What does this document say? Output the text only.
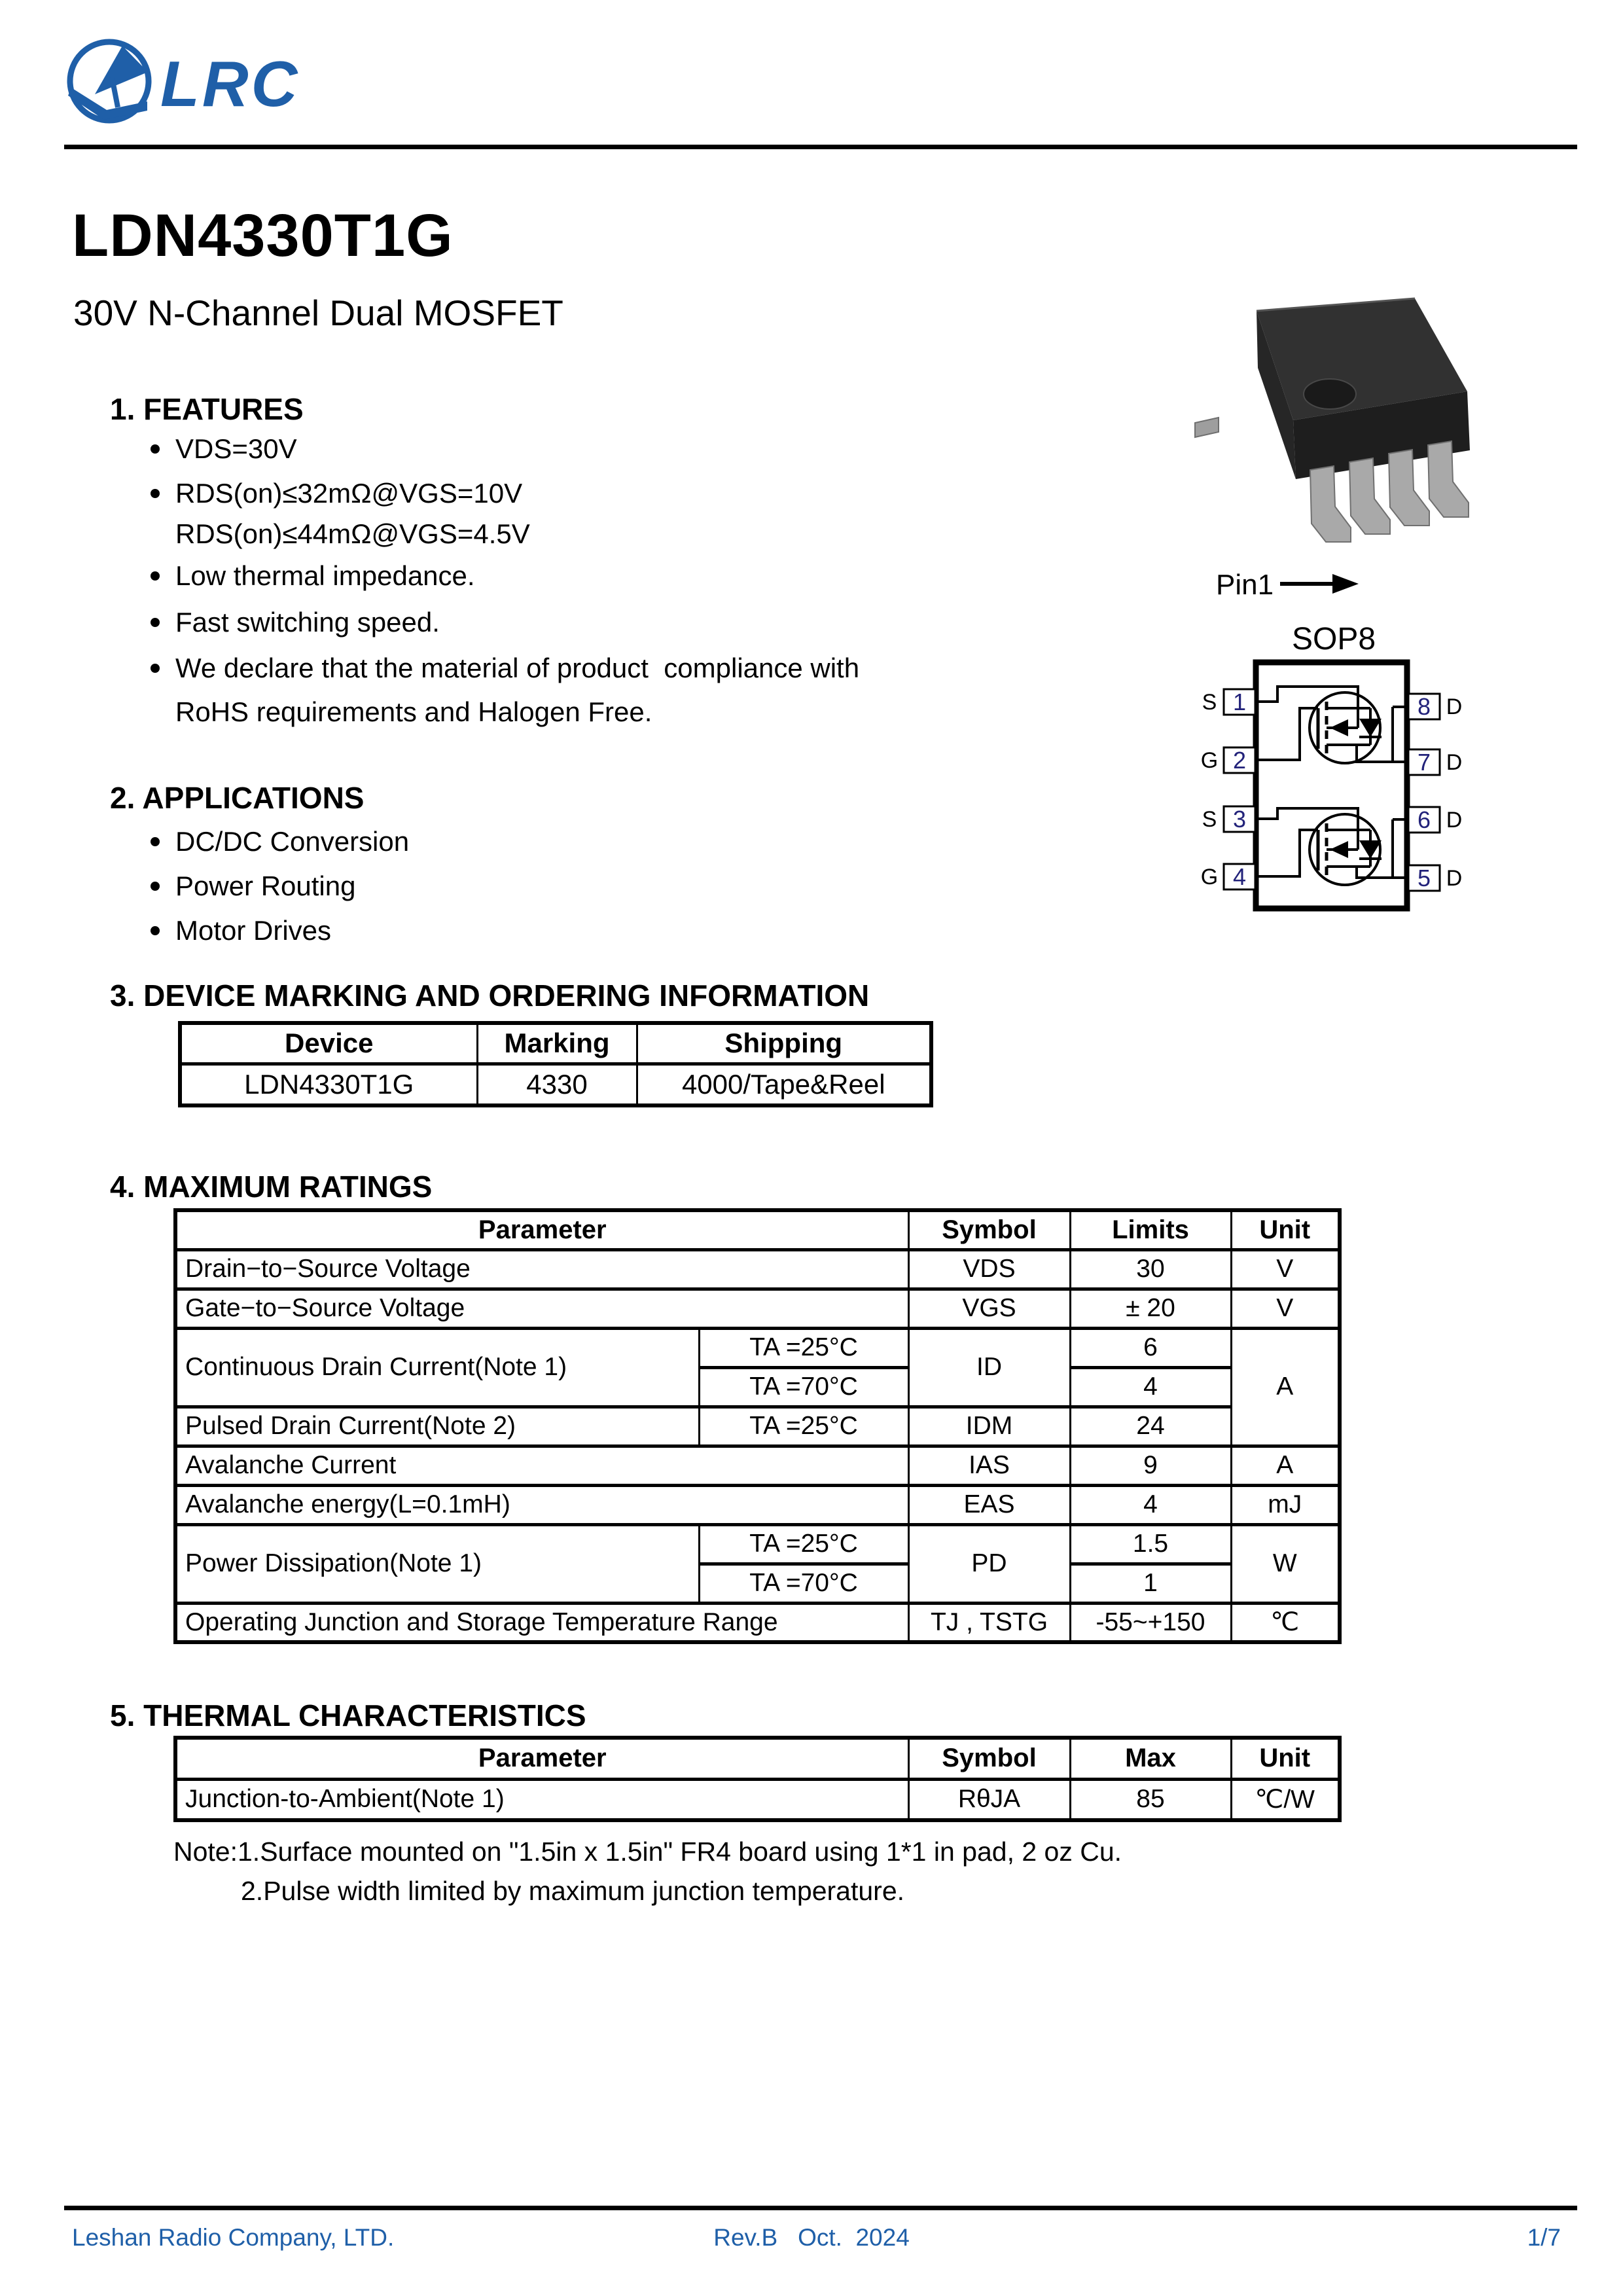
LRC
LDN4330T1G
30V N-Channel Dual MOSFET
Pin1
SOP8
1
2
3
4
8
7
6
5
S
G
S
G
D
D
D
D
1. FEATURES
VDS=30V
RDS(on)≤32mΩ@VGS=10V
RDS(on)≤44mΩ@VGS=4.5V
Low thermal impedance.
Fast switching speed.
We declare that the material of product  compliance with
RoHS requirements and Halogen Free.
2. APPLICATIONS
DC/DC Conversion
Power Routing
Motor Drives
3. DEVICE MARKING AND ORDERING INFORMATION
Device	Marking	Shipping
LDN4330T1G	4330	4000/Tape&Reel
4. MAXIMUM RATINGS
Parameter		Symbol	Limits	Unit
Drain−to−Source Voltage		VDS	30	V
Gate−to−Source Voltage		VGS	± 20	V
Continuous Drain Current(Note 1)	TA =25°C	ID	6	A
	TA =70°C		4	
Pulsed Drain Current(Note 2)	TA =25°C	IDM	24	
Avalanche Current		IAS	9	A
Avalanche energy(L=0.1mH)		EAS	4	mJ
Power Dissipation(Note 1)	TA =25°C	PD	1.5	W
	TA =70°C		1	
Operating Junction and Storage Temperature Range		TJ , TSTG	-55~+150	℃
5. THERMAL CHARACTERISTICS
Parameter	Symbol	Max	Unit
Junction-to-Ambient(Note 1)	RθJA	85	℃/W
Note:1.Surface mounted on "1.5in x 1.5in" FR4 board using 1*1 in pad, 2 oz Cu.
2.Pulse width limited by maximum junction temperature.
Leshan Radio Company, LTD.	Rev.B   Oct.  2024	1/7
